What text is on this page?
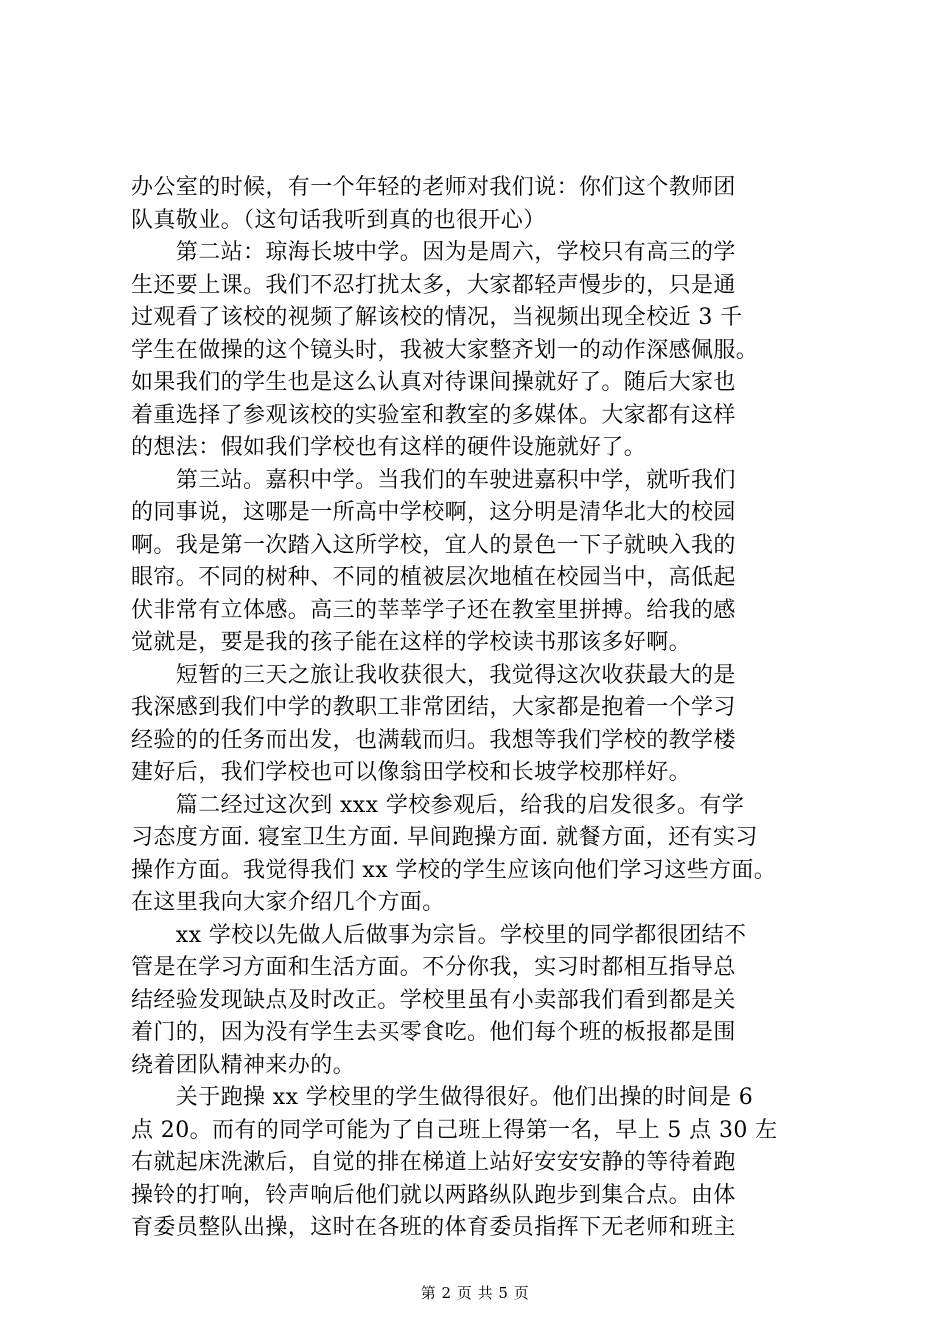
办公室的时候，有一个年轻的老师对我们说：你们这个教师团
队真敬业。（这句话我听到真的也很开心）
　　第二站：琼海长坡中学。因为是周六，学校只有高三的学
生还要上课。我们不忍打扰太多，大家都轻声慢步的，只是通
过观看了该校的视频了解该校的情况，当视频出现全校近 3 千
学生在做操的这个镜头时，我被大家整齐划一的动作深感佩服。
如果我们的学生也是这么认真对待课间操就好了。随后大家也
着重选择了参观该校的实验室和教室的多媒体。大家都有这样
的想法：假如我们学校也有这样的硬件设施就好了。
　　第三站。嘉积中学。当我们的车驶进嘉积中学，就听我们
的同事说，这哪是一所高中学校啊，这分明是清华北大的校园
啊。我是第一次踏入这所学校，宜人的景色一下子就映入我的
眼帘。不同的树种、不同的植被层次地植在校园当中，高低起
伏非常有立体感。高三的莘莘学子还在教室里拼搏。给我的感
觉就是，要是我的孩子能在这样的学校读书那该多好啊。
　　短暂的三天之旅让我收获很大，我觉得这次收获最大的是
我深感到我们中学的教职工非常团结，大家都是抱着一个学习
经验的的任务而出发，也满载而归。我想等我们学校的教学楼
建好后，我们学校也可以像翁田学校和长坡学校那样好。
　　篇二经过这次到 xxx 学校参观后，给我的启发很多。有学
习态度方面. 寝室卫生方面. 早间跑操方面. 就餐方面，还有实习
操作方面。我觉得我们 xx 学校的学生应该向他们学习这些方面。
在这里我向大家介绍几个方面。
　　xx 学校以先做人后做事为宗旨。学校里的同学都很团结不
管是在学习方面和生活方面。不分你我，实习时都相互指导总
结经验发现缺点及时改正。学校里虽有小卖部我们看到都是关
着门的，因为没有学生去买零食吃。他们每个班的板报都是围
绕着团队精神来办的。
　　关于跑操 xx 学校里的学生做得很好。他们出操的时间是 6
点 20。而有的同学可能为了自己班上得第一名，早上 5 点 30 左
右就起床洗漱后，自觉的排在梯道上站好安安安静的等待着跑
操铃的打响，铃声响后他们就以两路纵队跑步到集合点。由体
育委员整队出操，这时在各班的体育委员指挥下无老师和班主
第 2 页 共 5 页
